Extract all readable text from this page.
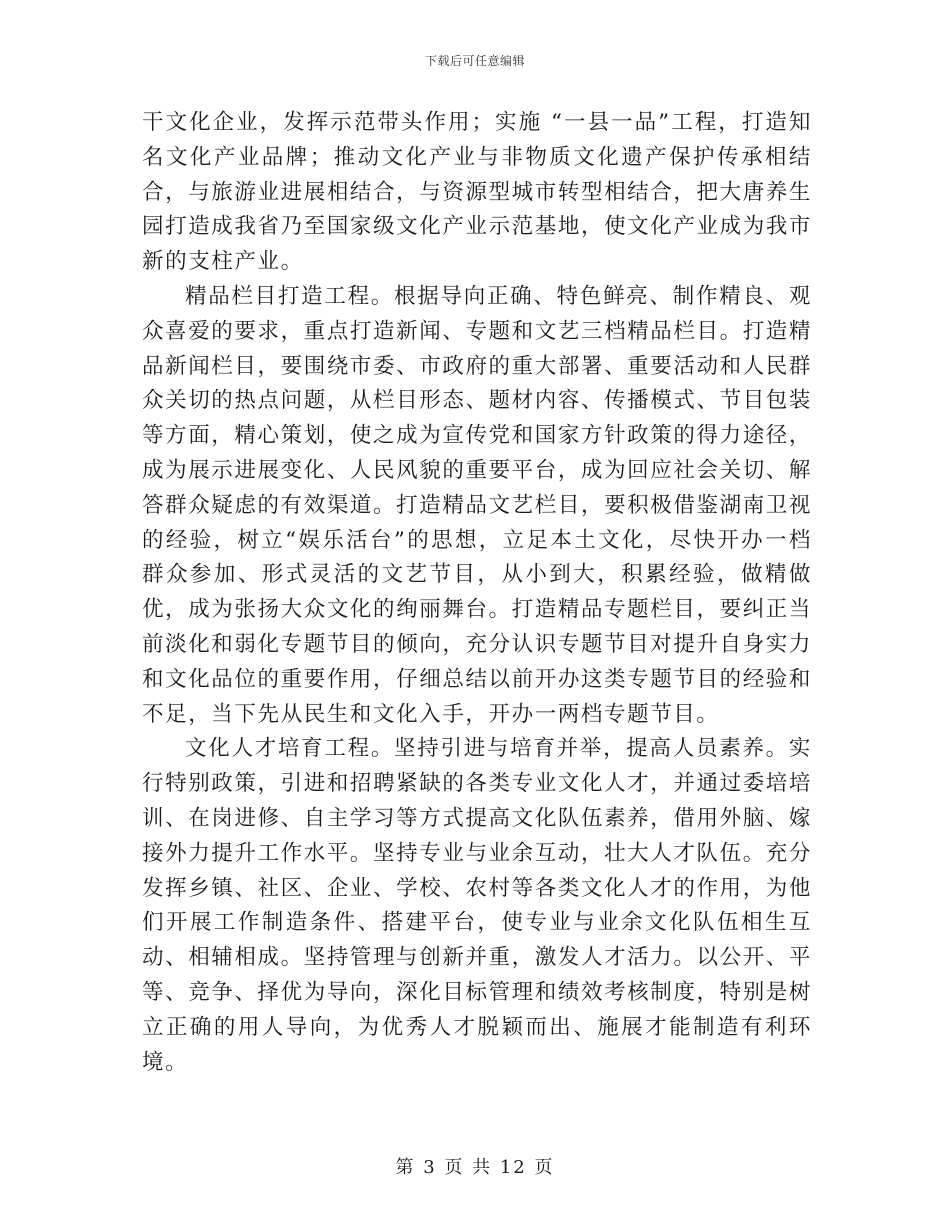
下载后可任意编辑

干文化企业，发挥示范带头作用；实施 “一县一品”工程，打造知名文化产业品牌；推动文化产业与非物质文化遗产保护传承相结合，与旅游业进展相结合，与资源型城市转型相结合，把大唐养生园打造成我省乃至国家级文化产业示范基地，使文化产业成为我市新的支柱产业。

精品栏目打造工程。根据导向正确、特色鲜亮、制作精良、观众喜爱的要求，重点打造新闻、专题和文艺三档精品栏目。打造精品新闻栏目，要围绕市委、市政府的重大部署、重要活动和人民群众关切的热点问题，从栏目形态、题材内容、传播模式、节目包装等方面，精心策划，使之成为宣传党和国家方针政策的得力途径，成为展示进展变化、人民风貌的重要平台，成为回应社会关切、解答群众疑虑的有效渠道。打造精品文艺栏目，要积极借鉴湖南卫视的经验，树立“娱乐活台”的思想，立足本土文化，尽快开办一档群众参加、形式灵活的文艺节目，从小到大，积累经验，做精做优，成为张扬大众文化的绚丽舞台。打造精品专题栏目，要纠正当前淡化和弱化专题节目的倾向，充分认识专题节目对提升自身实力和文化品位的重要作用，仔细总结以前开办这类专题节目的经验和不足，当下先从民生和文化入手，开办一两档专题节目。

文化人才培育工程。坚持引进与培育并举，提高人员素养。实行特别政策，引进和招聘紧缺的各类专业文化人才，并通过委培培训、在岗进修、自主学习等方式提高文化队伍素养，借用外脑、嫁接外力提升工作水平。坚持专业与业余互动，壮大人才队伍。充分发挥乡镇、社区、企业、学校、农村等各类文化人才的作用，为他们开展工作制造条件、搭建平台，使专业与业余文化队伍相生互动、相辅相成。坚持管理与创新并重，激发人才活力。以公开、平等、竞争、择优为导向，深化目标管理和绩效考核制度，特别是树立正确的用人导向，为优秀人才脱颖而出、施展才能制造有利环境。

第 3 页 共 12 页
